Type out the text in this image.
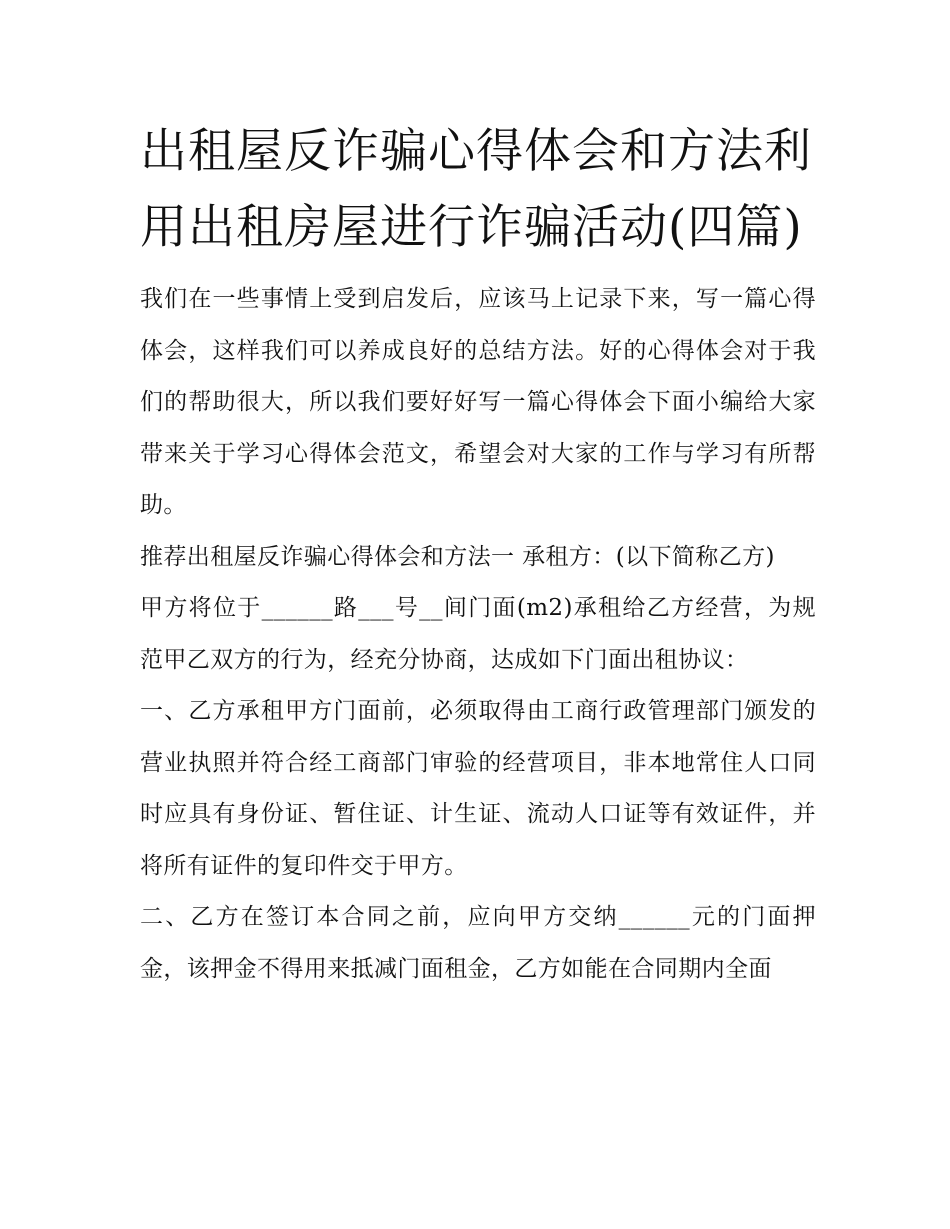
出租屋反诈骗心得体会和方法利用出租房屋进行诈骗活动(四篇)

我们在一些事情上受到启发后，应该马上记录下来，写一篇心得体会，这样我们可以养成良好的总结方法。好的心得体会对于我们的帮助很大，所以我们要好好写一篇心得体会下面小编给大家带来关于学习心得体会范文，希望会对大家的工作与学习有所帮助。

推荐出租屋反诈骗心得体会和方法一 承租方：(以下简称乙方)

甲方将位于______路___号__间门面(m2)承租给乙方经营，为规范甲乙双方的行为，经充分协商，达成如下门面出租协议：

一、乙方承租甲方门面前，必须取得由工商行政管理部门颁发的营业执照并符合经工商部门审验的经营项目，非本地常住人口同时应具有身份证、暂住证、计生证、流动人口证等有效证件，并将所有证件的复印件交于甲方。

二、乙方在签订本合同之前，应向甲方交纳______元的门面押金，该押金不得用来抵减门面租金，乙方如能在合同期内全面
